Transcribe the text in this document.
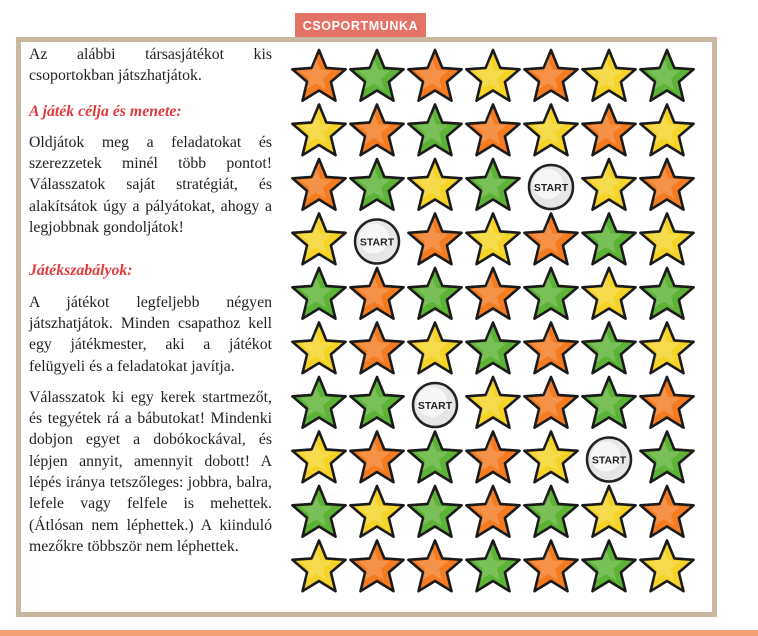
CSOPORTMUNKA

Az alábbi társasjátékot kis csoportokban játszhatjátok.

A játék célja és menete:

Oldjátok meg a feladatokat és szerezzetek minél több pontot! Válasszatok saját stratégiát, és alakítsátok úgy a pályátokat, ahogy a legjobbnak gondoljátok!

Játékszabályok:

A játékot legfeljebb négyen játszhatjátok. Minden csapathoz kell egy játékmester, aki a játékot felügyeli és a feladatokat javítja.

Válasszatok ki egy kerek startmezőt, és tegyétek rá a bábutokat! Mindenki dobjon egyet a dobókockával, és lépjen annyit, amennyit dobott! A lépés iránya tetszőleges: jobbra, balra, lefele vagy felfele is mehettek. (Átlósan nem léphettek.) A kiinduló mezőkre többször nem léphettek.

START
START
START
START
